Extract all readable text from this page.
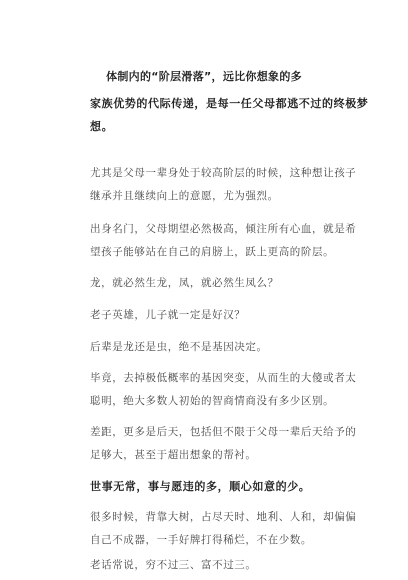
体制内的“阶层滑落”，远比你想象的多

家族优势的代际传递，是每一任父母都逃不过的终极梦
想。

尤其是父母一辈身处于较高阶层的时候，这种想让孩子
继承并且继续向上的意愿，尤为强烈。

出身名门，父母期望必然极高，倾注所有心血，就是希
望孩子能够站在自己的肩膀上，跃上更高的阶层。

龙，就必然生龙，凤，就必然生凤么？

老子英雄，儿子就一定是好汉？

后辈是龙还是虫，绝不是基因决定。

毕竟，去掉极低概率的基因突变，从而生的大傻或者太
聪明，绝大多数人初始的智商情商没有多少区别。

差距，更多是后天，包括但不限于父母一辈后天给予的
足够大，甚至于超出想象的帮衬。

世事无常，事与愿违的多，顺心如意的少。

很多时候，背靠大树，占尽天时、地利、人和，却偏偏
自己不成器，一手好牌打得稀烂，不在少数。

老话常说，穷不过三、富不过三。
